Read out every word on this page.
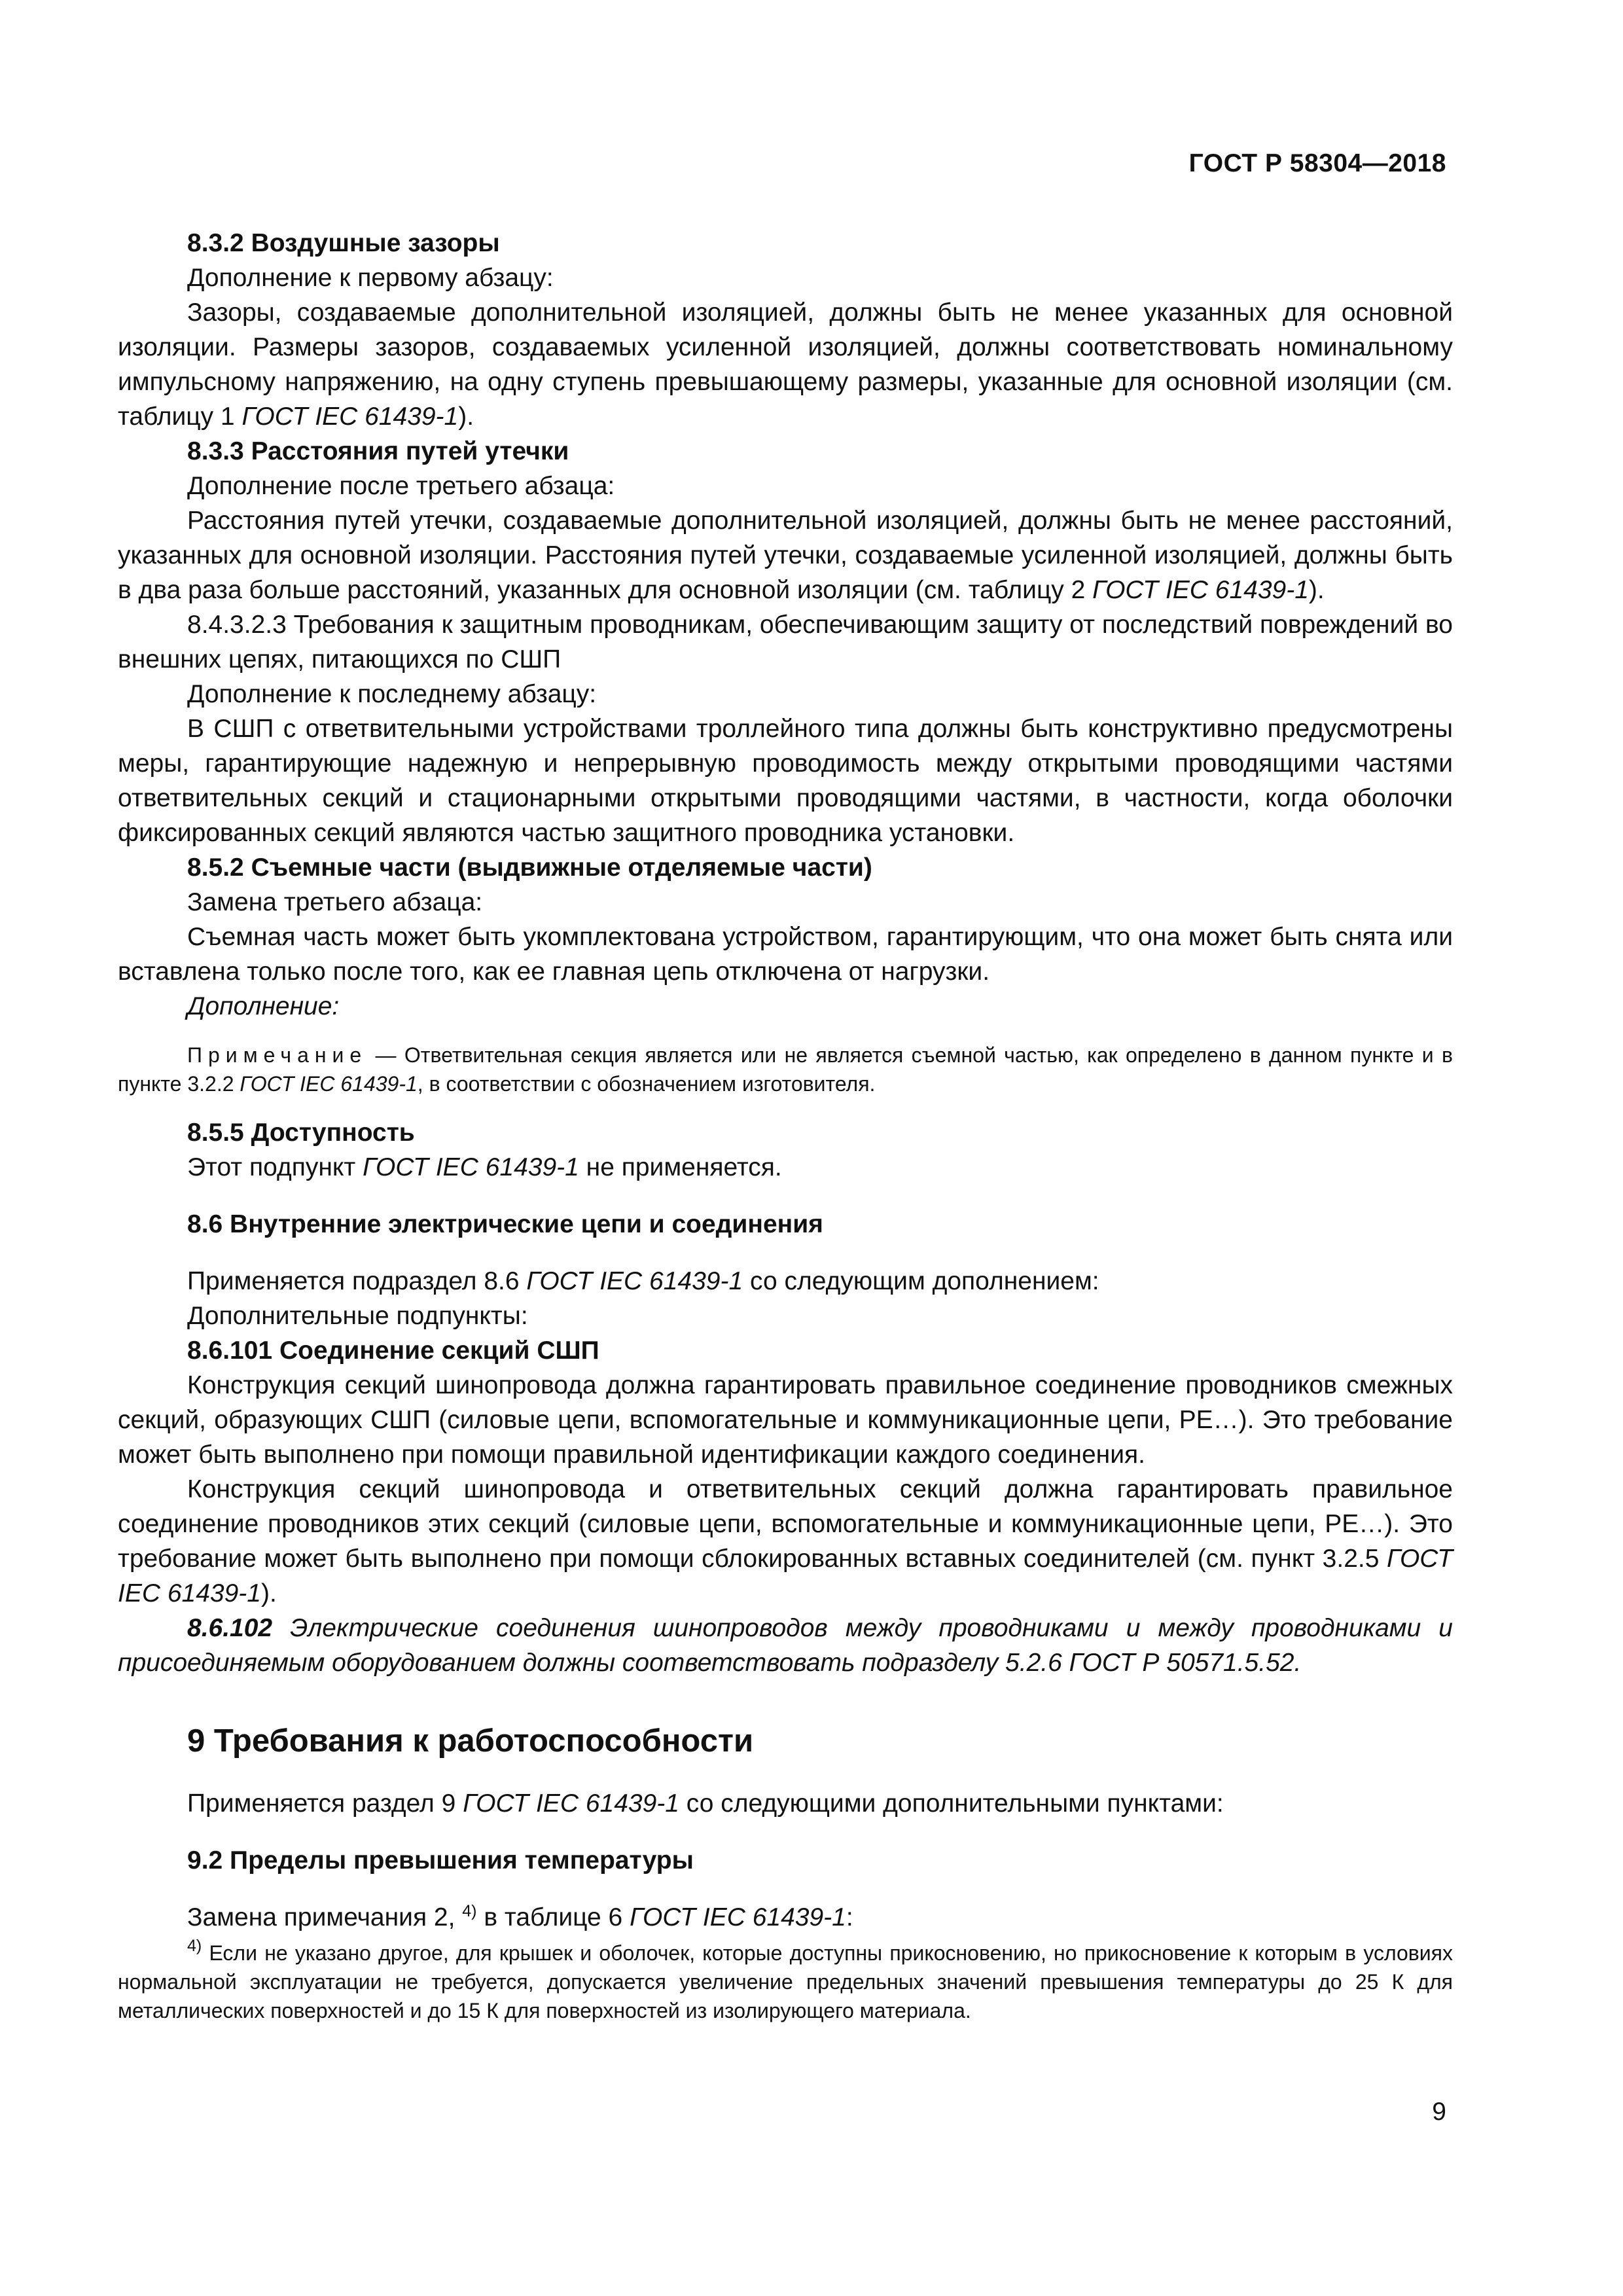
ГОСТ Р 58304—2018

8.3.2 Воздушные зазоры

Дополнение к первому абзацу:

Зазоры, создаваемые дополнительной изоляцией, должны быть не менее указанных для основной изоляции. Размеры зазоров, создаваемых усиленной изоляцией, должны соответствовать номинальному импульсному напряжению, на одну ступень превышающему размеры, указанные для основной изоляции (см. таблицу 1 ГОСТ IEC 61439-1).

8.3.3 Расстояния путей утечки

Дополнение после третьего абзаца:

Расстояния путей утечки, создаваемые дополнительной изоляцией, должны быть не менее расстояний, указанных для основной изоляции. Расстояния путей утечки, создаваемые усиленной изоляцией, должны быть в два раза больше расстояний, указанных для основной изоляции (см. таблицу 2 ГОСТ IEC 61439-1).

8.4.3.2.3 Требования к защитным проводникам, обеспечивающим защиту от последствий повреждений во внешних цепях, питающихся по СШП

Дополнение к последнему абзацу:

В СШП с ответвительными устройствами троллейного типа должны быть конструктивно предусмотрены меры, гарантирующие надежную и непрерывную проводимость между открытыми проводящими частями ответвительных секций и стационарными открытыми проводящими частями, в частности, когда оболочки фиксированных секций являются частью защитного проводника установки.

8.5.2 Съемные части (выдвижные отделяемые части)

Замена третьего абзаца:

Съемная часть может быть укомплектована устройством, гарантирующим, что она может быть снята или вставлена только после того, как ее главная цепь отключена от нагрузки.

Дополнение:

Примечание — Ответвительная секция является или не является съемной частью, как определено в данном пункте и в пункте 3.2.2 ГОСТ IEC 61439-1, в соответствии с обозначением изготовителя.

8.5.5 Доступность

Этот подпункт ГОСТ IEC 61439-1 не применяется.

8.6 Внутренние электрические цепи и соединения

Применяется подраздел 8.6 ГОСТ IEC 61439-1 со следующим дополнением:

Дополнительные подпункты:

8.6.101 Соединение секций СШП

Конструкция секций шинопровода должна гарантировать правильное соединение проводников смежных секций, образующих СШП (силовые цепи, вспомогательные и коммуникационные цепи, PE…). Это требование может быть выполнено при помощи правильной идентификации каждого соединения.

Конструкция секций шинопровода и ответвительных секций должна гарантировать правильное соединение проводников этих секций (силовые цепи, вспомогательные и коммуникационные цепи, PE…). Это требование может быть выполнено при помощи сблокированных вставных соединителей (см. пункт 3.2.5 ГОСТ IEC 61439-1).

8.6.102 Электрические соединения шинопроводов между проводниками и между проводниками и присоединяемым оборудованием должны соответствовать подразделу 5.2.6 ГОСТ Р 50571.5.52.

9 Требования к работоспособности

Применяется раздел 9 ГОСТ IEC 61439-1 со следующими дополнительными пунктами:

9.2 Пределы превышения температуры

Замена примечания 2, $^{4)}$ в таблице 6 ГОСТ IEC 61439-1:

$^{4)}$ Если не указано другое, для крышек и оболочек, которые доступны прикосновению, но прикосновение к которым в условиях нормальной эксплуатации не требуется, допускается увеличение предельных значений превышения температуры до 25 К для металлических поверхностей и до 15 К для поверхностей из изолирующего материала.

9
